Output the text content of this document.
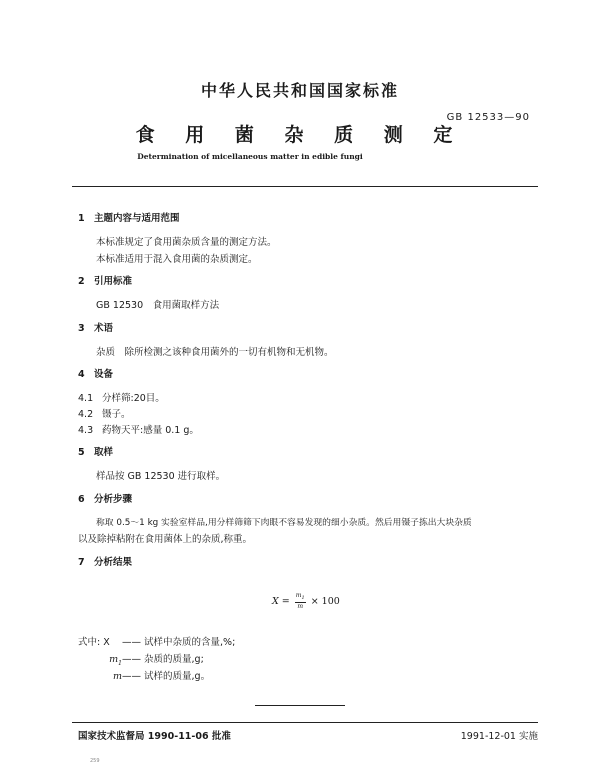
中华人民共和国国家标准
GB 12533—90
食 用 菌 杂 质 测 定
Determination of micellaneous matter in edible fungi
1 主题内容与适用范围
本标准规定了食用菌杂质含量的测定方法。
本标准适用于混入食用菌的杂质测定。
2 引用标准
GB 12530　食用菌取样方法
3 术语
杂质　除所检测之该种食用菌外的一切有机物和无机物。
4 设备
4.1 分样筛:20目。
4.2 镊子。
4.3 药物天平:感量 0.1 g。
5 取样
样品按 GB 12530 进行取样。
6 分析步骤
称取 0.5～1 kg 实验室样品,用分样筛筛下肉眼不容易发现的细小杂质。然后用镊子拣出大块杂质
以及除掉粘附在食用菌体上的杂质,称重。
7 分析结果
$X = \frac{m_1}{m} \times 100$
式中: X —— 试样中杂质的含量,%;
$m_1——$ 杂质的质量,g;
m—— 试样的质量,g。
国家技术监督局 1990-11-06 批准	1991-12-01 实施
259
